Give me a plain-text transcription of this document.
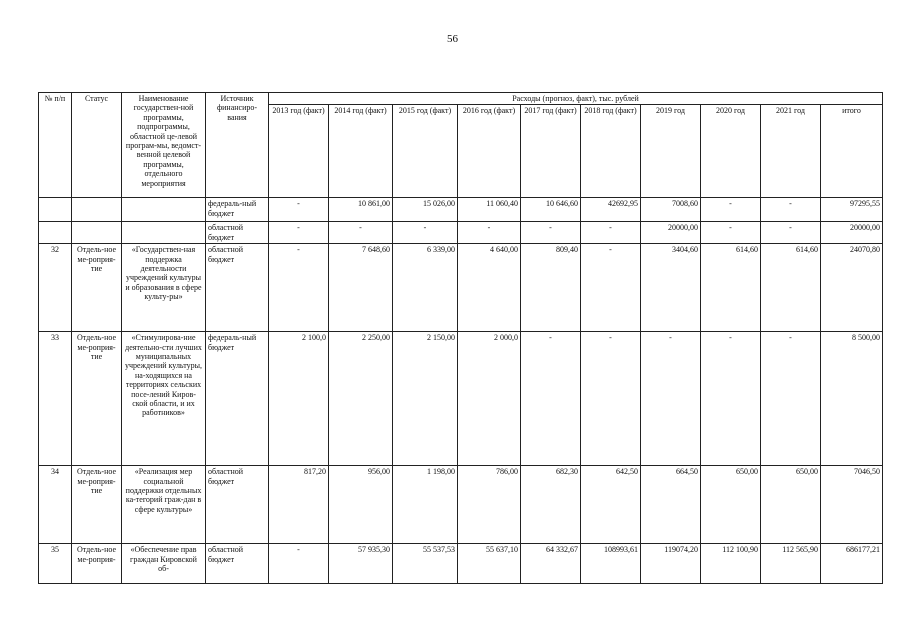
56
№ п/п	Статус	Наименование государствен-ной программы, подпрограммы, областной це-левой програм-мы, ведомст-венной целевой программы, отдельного мероприятия	Источник финансиро-вания	Расходы (прогноз, факт), тыс. рублей									
				2013 год (факт)	2014 год (факт)	2015 год (факт)	2016 год (факт)	2017 год (факт)	2018 год (факт)	2019 год	2020 год	2021 год	итого
			федераль-ный бюджет	-	10 861,00	15 026,00	11 060,40	10 646,60	42692,95	7008,60	-	-	97295,55
			областной бюджет	-	-	-	-	-	-	20000,00	-	-	20000,00
32	Отдель-ное ме-роприя-тие	«Государствен-ная поддержка деятельности учреждений культуры и образования в сфере культу-ры»	областной бюджет	-	7 648,60	6 339,00	4 640,00	809,40	-	3404,60	614,60	614,60	24070,80
33	Отдель-ное ме-роприя-тие	«Стимулирова-ние деятельно-сти лучших муниципальных учреждений культуры, на-ходящихся на территориях сельских посе-лений Киров-ской области, и их работников»	федераль-ный бюджет	2 100,0	2 250,00	2 150,00	2 000,0	-	-	-	-	-	8 500,00
34	Отдель-ное ме-роприя-тие	«Реализация мер социальной поддержки отдельных ка-тегорий граж-дан в сфере культуры»	областной бюджет	817,20	956,00	1 198,00	786,00	682,30	642,50	664,50	650,00	650,00	7046,50
35	Отдель-ное ме-роприя-	«Обеспечение прав граждан Кировской об-	областной бюджет	-	57 935,30	55 537,53	55 637,10	64 332,67	108993,61	119074,20	112 100,90	112 565,90	686177,21
